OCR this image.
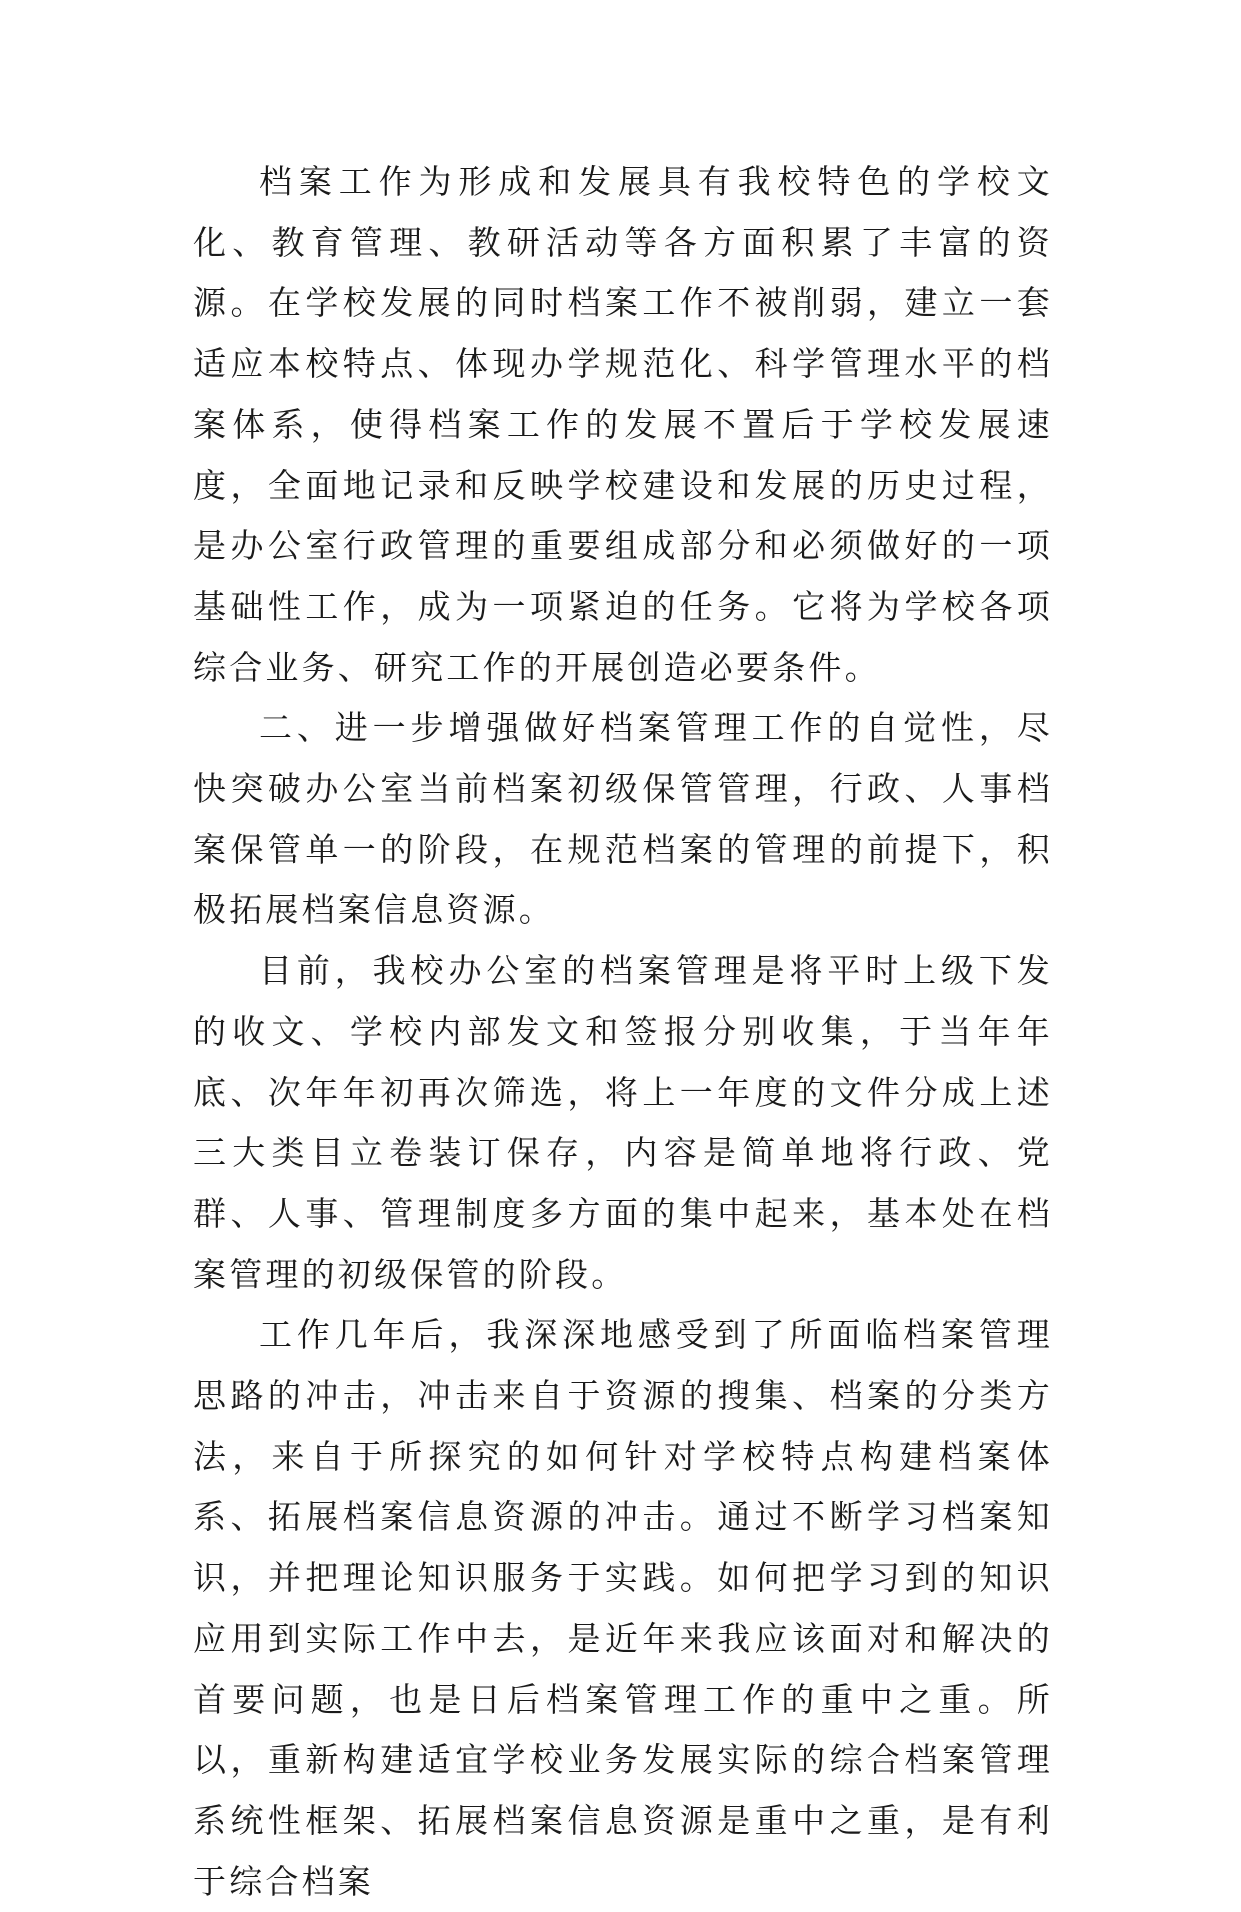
档案工作为形成和发展具有我校特色的学校文化、教育管理、教研活动等各方面积累了丰富的资源。在学校发展的同时档案工作不被削弱，建立一套适应本校特点、体现办学规范化、科学管理水平的档案体系，使得档案工作的发展不置后于学校发展速度，全面地记录和反映学校建设和发展的历史过程，是办公室行政管理的重要组成部分和必须做好的一项基础性工作，成为一项紧迫的任务。它将为学校各项综合业务、研究工作的开展创造必要条件。

二、进一步增强做好档案管理工作的自觉性，尽快突破办公室当前档案初级保管管理，行政、人事档案保管单一的阶段，在规范档案的管理的前提下，积极拓展档案信息资源。

目前，我校办公室的档案管理是将平时上级下发的收文、学校内部发文和签报分别收集，于当年年底、次年年初再次筛选，将上一年度的文件分成上述三大类目立卷装订保存，内容是简单地将行政、党群、人事、管理制度多方面的集中起来，基本处在档案管理的初级保管的阶段。

工作几年后，我深深地感受到了所面临档案管理思路的冲击，冲击来自于资源的搜集、档案的分类方法，来自于所探究的如何针对学校特点构建档案体系、拓展档案信息资源的冲击。通过不断学习档案知识，并把理论知识服务于实践。如何把学习到的知识应用到实际工作中去，是近年来我应该面对和解决的首要问题，也是日后档案管理工作的重中之重。所以，重新构建适宜学校业务发展实际的综合档案管理系统性框架、拓展档案信息资源是重中之重，是有利于综合档案
